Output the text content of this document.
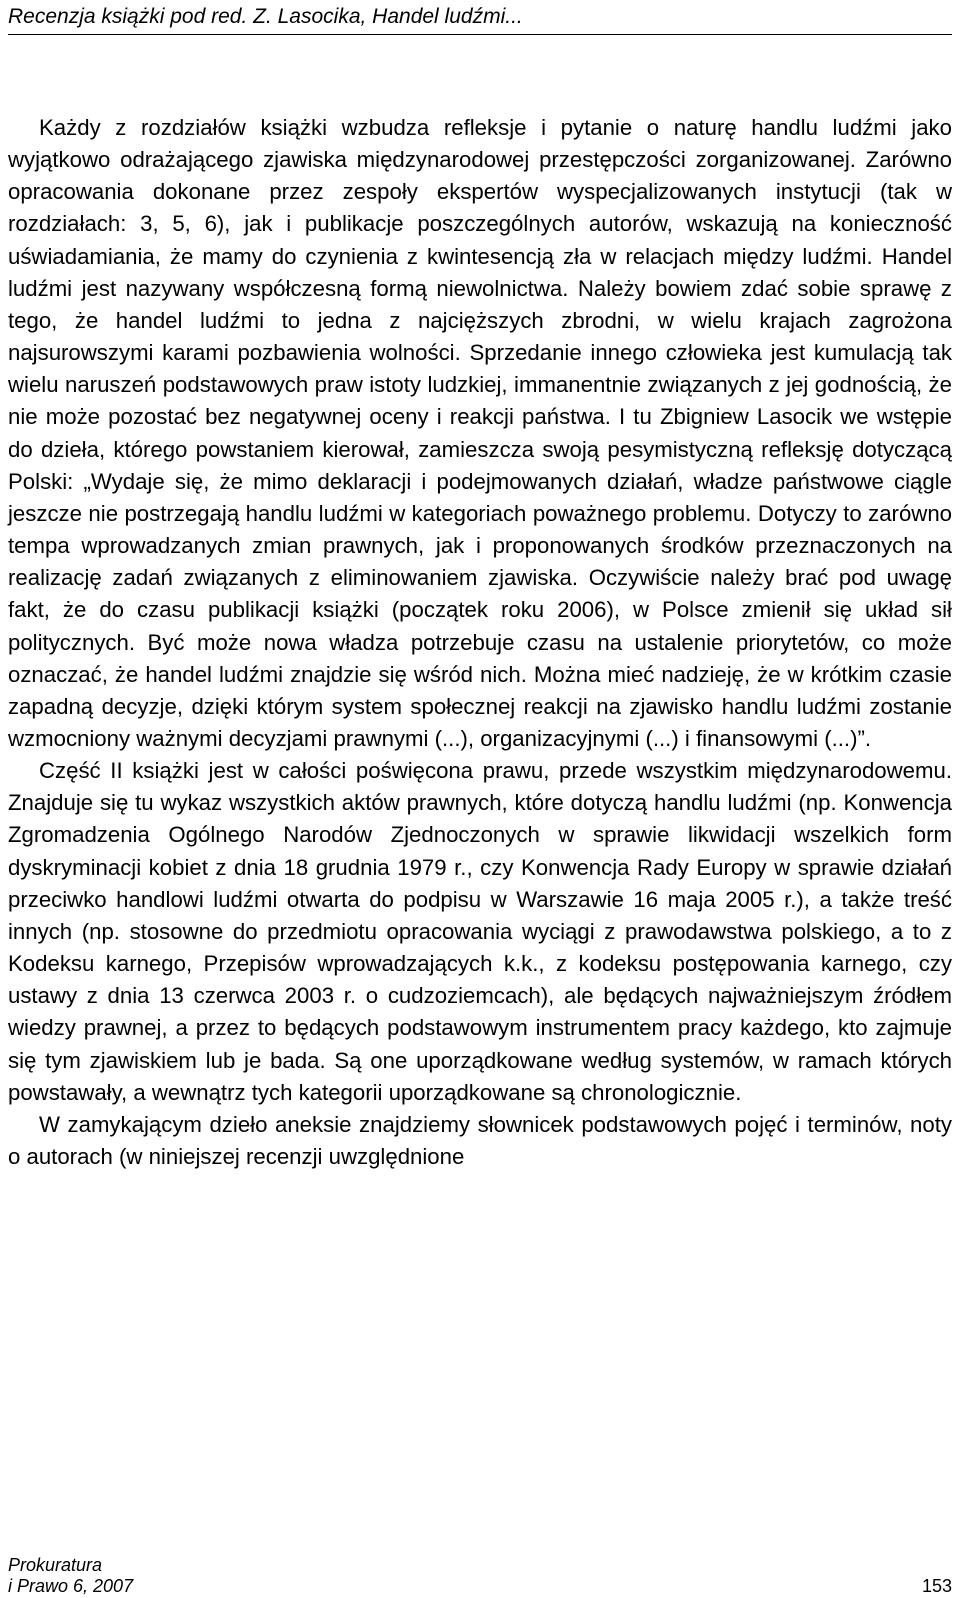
Recenzja książki pod red. Z. Lasocika, Handel ludźmi...

Każdy z rozdziałów książki wzbudza refleksje i pytanie o naturę handlu ludźmi jako wyjątkowo odrażającego zjawiska międzynarodowej przestępczości zorganizowanej. Zarówno opracowania dokonane przez zespoły ekspertów wyspecjalizowanych instytucji (tak w rozdziałach: 3, 5, 6), jak i publikacje poszczególnych autorów, wskazują na konieczność uświadamiania, że mamy do czynienia z kwintesencją zła w relacjach między ludźmi. Handel ludźmi jest nazywany współczesną formą niewolnictwa. Należy bowiem zdać sobie sprawę z tego, że handel ludźmi to jedna z najcięższych zbrodni, w wielu krajach zagrożona najsurowszymi karami pozbawienia wolności. Sprzedanie innego człowieka jest kumulacją tak wielu naruszeń podstawowych praw istoty ludzkiej, immanentnie związanych z jej godnością, że nie może pozostać bez negatywnej oceny i reakcji państwa. I tu Zbigniew Lasocik we wstępie do dzieła, którego powstaniem kierował, zamieszcza swoją pesymistyczną refleksję dotyczącą Polski: „Wydaje się, że mimo deklaracji i podejmowanych działań, władze państwowe ciągle jeszcze nie postrzegają handlu ludźmi w kategoriach poważnego problemu. Dotyczy to zarówno tempa wprowadzanych zmian prawnych, jak i proponowanych środków przeznaczonych na realizację zadań związanych z eliminowaniem zjawiska. Oczywiście należy brać pod uwagę fakt, że do czasu publikacji książki (początek roku 2006), w Polsce zmienił się układ sił politycznych. Być może nowa władza potrzebuje czasu na ustalenie priorytetów, co może oznaczać, że handel ludźmi znajdzie się wśród nich. Można mieć nadzieję, że w krótkim czasie zapadną decyzje, dzięki którym system społecznej reakcji na zjawisko handlu ludźmi zostanie wzmocniony ważnymi decyzjami prawnymi (...), organizacyjnymi (...) i finansowymi (...)”.

Część II książki jest w całości poświęcona prawu, przede wszystkim międzynarodowemu. Znajduje się tu wykaz wszystkich aktów prawnych, które dotyczą handlu ludźmi (np. Konwencja Zgromadzenia Ogólnego Narodów Zjednoczonych w sprawie likwidacji wszelkich form dyskryminacji kobiet z dnia 18 grudnia 1979 r., czy Konwencja Rady Europy w sprawie działań przeciwko handlowi ludźmi otwarta do podpisu w Warszawie 16 maja 2005 r.), a także treść innych (np. stosowne do przedmiotu opracowania wyciągi z prawodawstwa polskiego, a to z Kodeksu karnego, Przepisów wprowadzających k.k., z kodeksu postępowania karnego, czy ustawy z dnia 13 czerwca 2003 r. o cudzoziemcach), ale będących najważniejszym źródłem wiedzy prawnej, a przez to będących podstawowym instrumentem pracy każdego, kto zajmuje się tym zjawiskiem lub je bada. Są one uporządkowane według systemów, w ramach których powstawały, a wewnątrz tych kategorii uporządkowane są chronologicznie.

W zamykającym dzieło aneksie znajdziemy słownicek podstawowych pojęć i terminów, noty o autorach (w niniejszej recenzji uwzględnione

Prokuratura
i Prawo 6, 2007	153
